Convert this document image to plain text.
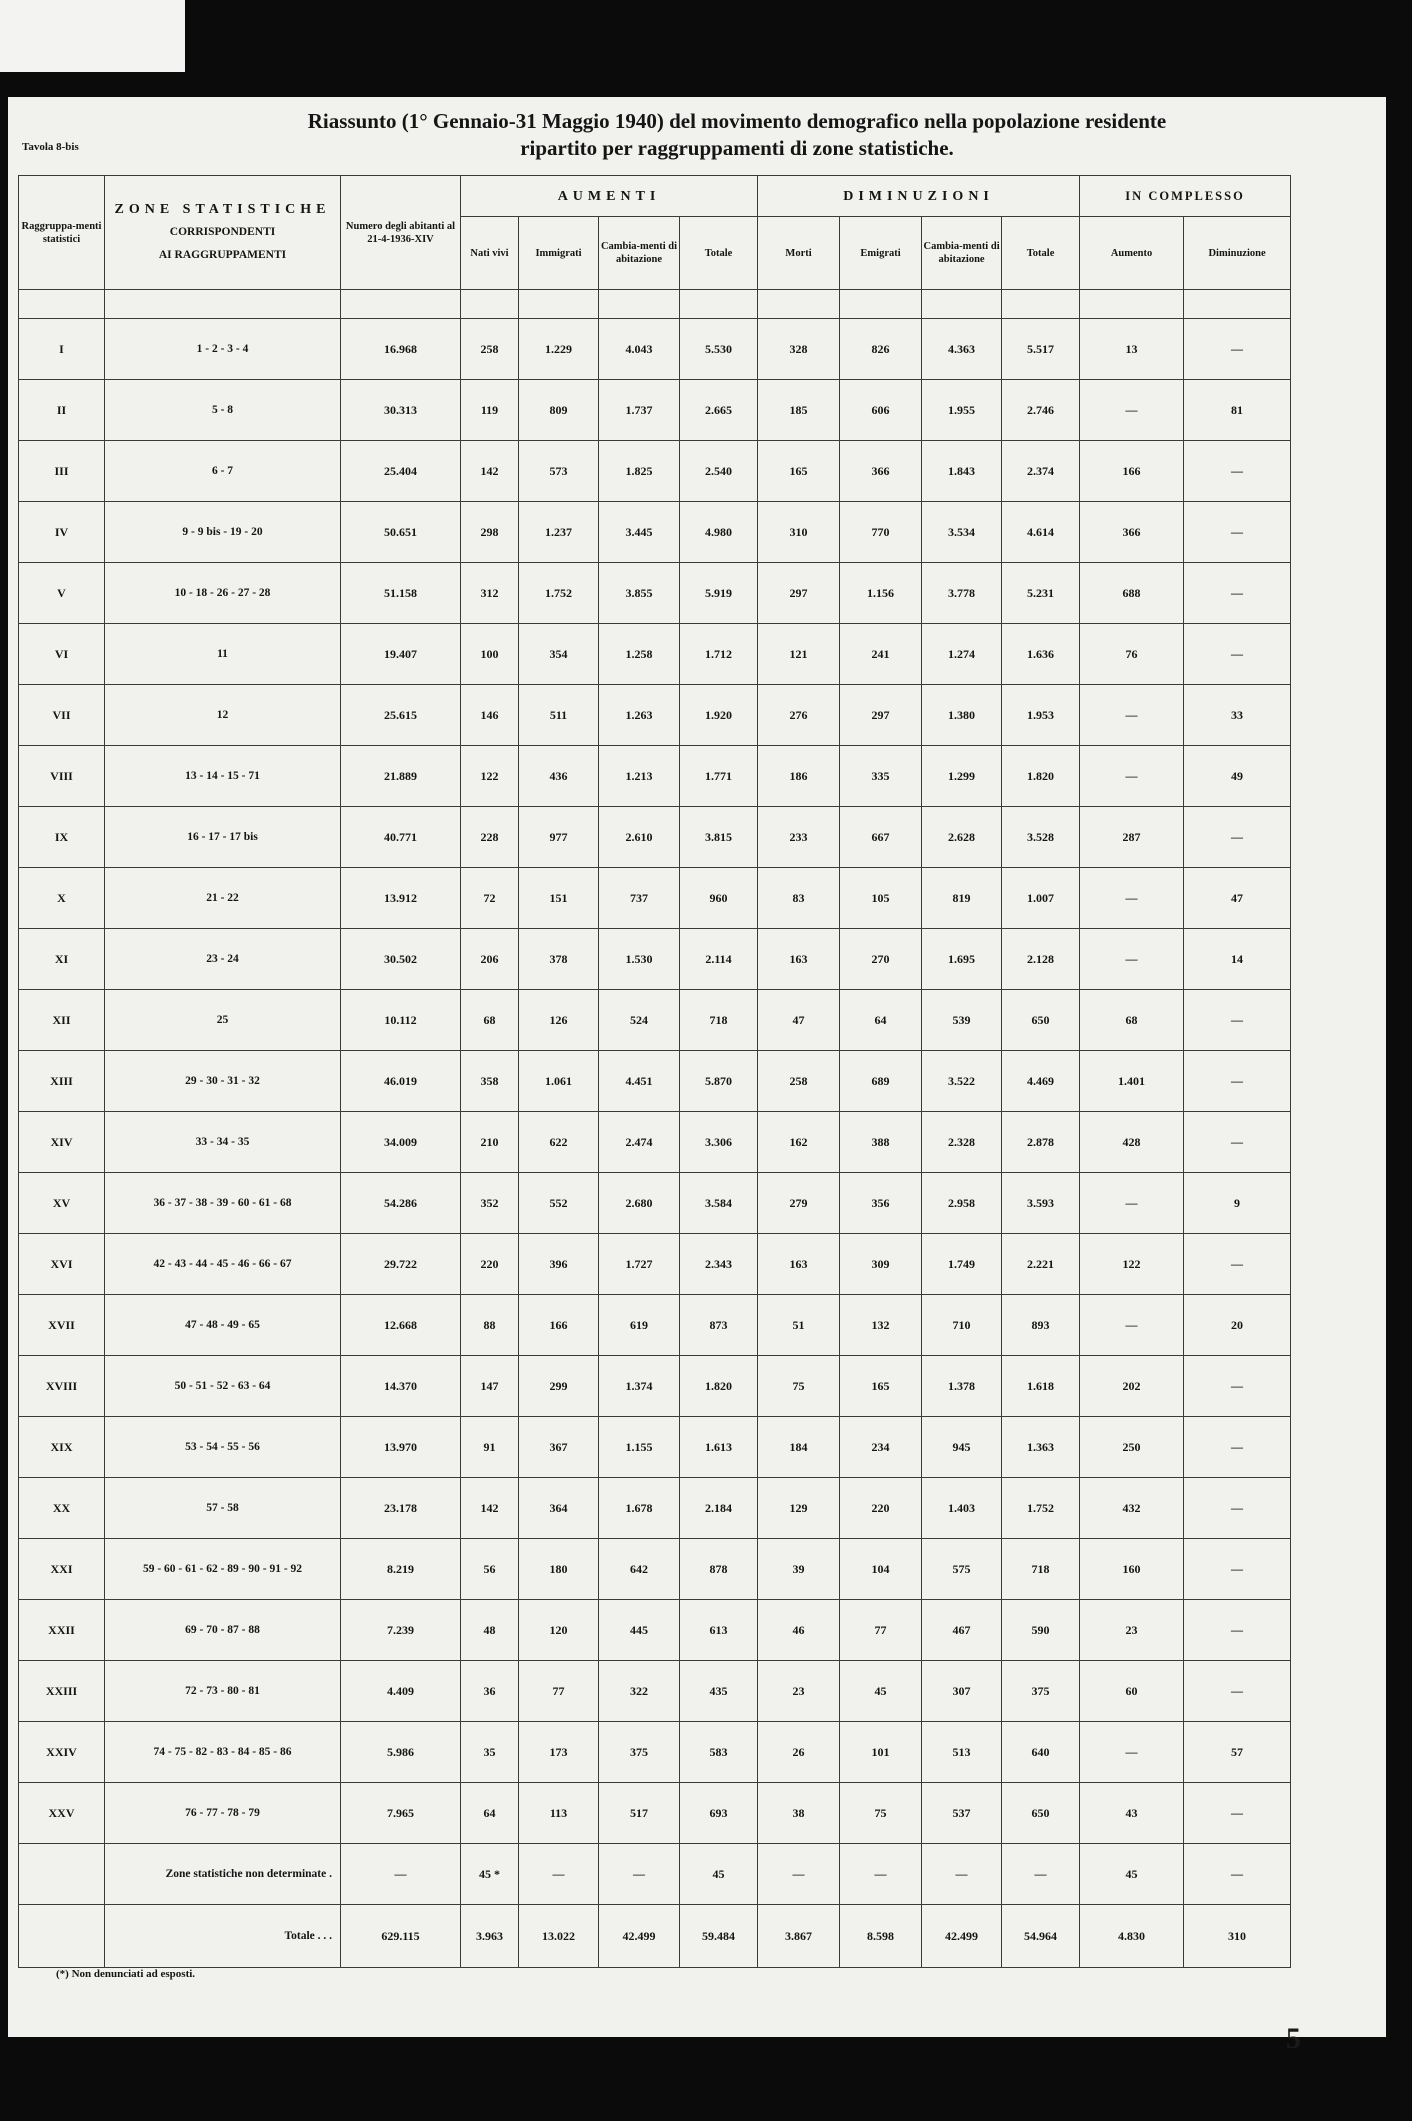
Tavola 8-bis
Riassunto (1° Gennaio-31 Maggio 1940) del movimento demografico nella popolazione residente
ripartito per raggruppamenti di zone statistiche.
Raggruppa-menti statistici	ZONE STATISTICHE
CORRISPONDENTI
AI RAGGRUPPAMENTI	Numero degli abitanti al 21-4-1936-XIV	AUMENTI				DIMINUZIONI				IN COMPLESSO	
			Nati vivi	Immigrati	Cambia-menti di abitazione	Totale	Morti	Emigrati	Cambia-menti di abitazione	Totale	Aumento	Diminuzione

I	1 - 2 - 3 - 4	16.968	258	1.229	4.043	5.530	328	826	4.363	5.517	13	—
II	5 - 8	30.313	119	809	1.737	2.665	185	606	1.955	2.746	—	81
III	6 - 7	25.404	142	573	1.825	2.540	165	366	1.843	2.374	166	—
IV	9 - 9 bis - 19 - 20	50.651	298	1.237	3.445	4.980	310	770	3.534	4.614	366	—
V	10 - 18 - 26 - 27 - 28	51.158	312	1.752	3.855	5.919	297	1.156	3.778	5.231	688	—
VI	11	19.407	100	354	1.258	1.712	121	241	1.274	1.636	76	—
VII	12	25.615	146	511	1.263	1.920	276	297	1.380	1.953	—	33
VIII	13 - 14 - 15 - 71	21.889	122	436	1.213	1.771	186	335	1.299	1.820	—	49
IX	16 - 17 - 17 bis	40.771	228	977	2.610	3.815	233	667	2.628	3.528	287	—
X	21 - 22	13.912	72	151	737	960	83	105	819	1.007	—	47
XI	23 - 24	30.502	206	378	1.530	2.114	163	270	1.695	2.128	—	14
XII	25	10.112	68	126	524	718	47	64	539	650	68	—
XIII	29 - 30 - 31 - 32	46.019	358	1.061	4.451	5.870	258	689	3.522	4.469	1.401	—
XIV	33 - 34 - 35	34.009	210	622	2.474	3.306	162	388	2.328	2.878	428	—
XV	36 - 37 - 38 - 39 - 60 - 61 - 68	54.286	352	552	2.680	3.584	279	356	2.958	3.593	—	9
XVI	42 - 43 - 44 - 45 - 46 - 66 - 67	29.722	220	396	1.727	2.343	163	309	1.749	2.221	122	—
XVII	47 - 48 - 49 - 65	12.668	88	166	619	873	51	132	710	893	—	20
XVIII	50 - 51 - 52 - 63 - 64	14.370	147	299	1.374	1.820	75	165	1.378	1.618	202	—
XIX	53 - 54 - 55 - 56	13.970	91	367	1.155	1.613	184	234	945	1.363	250	—
XX	57 - 58	23.178	142	364	1.678	2.184	129	220	1.403	1.752	432	—
XXI	59 - 60 - 61 - 62 - 89 - 90 - 91 - 92	8.219	56	180	642	878	39	104	575	718	160	—
XXII	69 - 70 - 87 - 88	7.239	48	120	445	613	46	77	467	590	23	—
XXIII	72 - 73 - 80 - 81	4.409	36	77	322	435	23	45	307	375	60	—
XXIV	74 - 75 - 82 - 83 - 84 - 85 - 86	5.986	35	173	375	583	26	101	513	640	—	57
XXV	76 - 77 - 78 - 79	7.965	64	113	517	693	38	75	537	650	43	—
	Zone statistiche non determinate .	—	45 *	—	—	45	—	—	—	—	45	—
	Totale . . .	629.115	3.963	13.022	42.499	59.484	3.867	8.598	42.499	54.964	4.830	310
(*) Non denunciati ad esposti.
5
